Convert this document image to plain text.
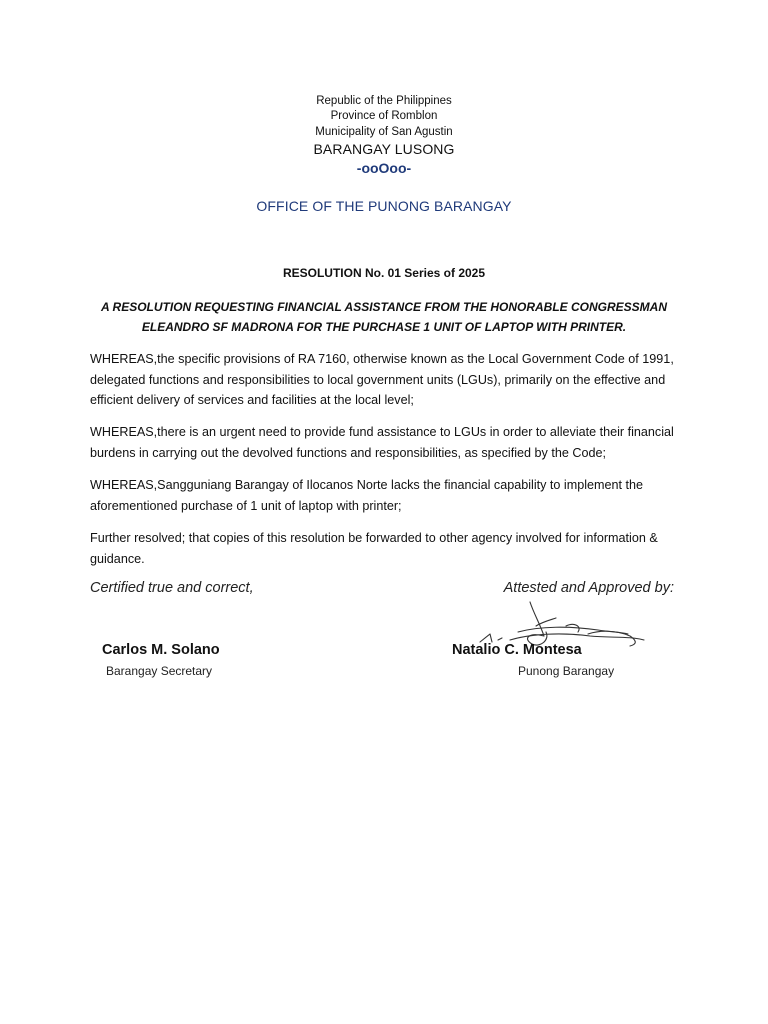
Republic of the Philippines
Province of Romblon
Municipality of San Agustin
BARANGAY LUSONG
-ooOoo-
OFFICE OF THE PUNONG BARANGAY
RESOLUTION No. 01 Series of 2025
A RESOLUTION REQUESTING FINANCIAL ASSISTANCE FROM THE HONORABLE CONGRESSMAN
ELEANDRO SF MADRONA FOR THE PURCHASE 1 UNIT OF LAPTOP WITH PRINTER.
WHEREAS,the specific provisions of RA 7160, otherwise known as the Local Government Code of 1991, delegated functions and responsibilities to local government units (LGUs), primarily on the effective and efficient delivery of services and facilities at the local level;
WHEREAS,there is an urgent need to provide fund assistance to LGUs in order to alleviate their financial burdens in carrying out the devolved functions and responsibilities, as specified by the Code;
WHEREAS,Sangguniang Barangay of Ilocanos Norte lacks the financial capability to implement the aforementioned purchase of 1 unit of laptop with printer;
Further resolved; that copies of this resolution be forwarded to other agency involved for information & guidance.
Certified true and correct,	Attested and Approved by:
Carlos M. Solano
Barangay Secretary
Natalio C. Montesa
Punong Barangay
